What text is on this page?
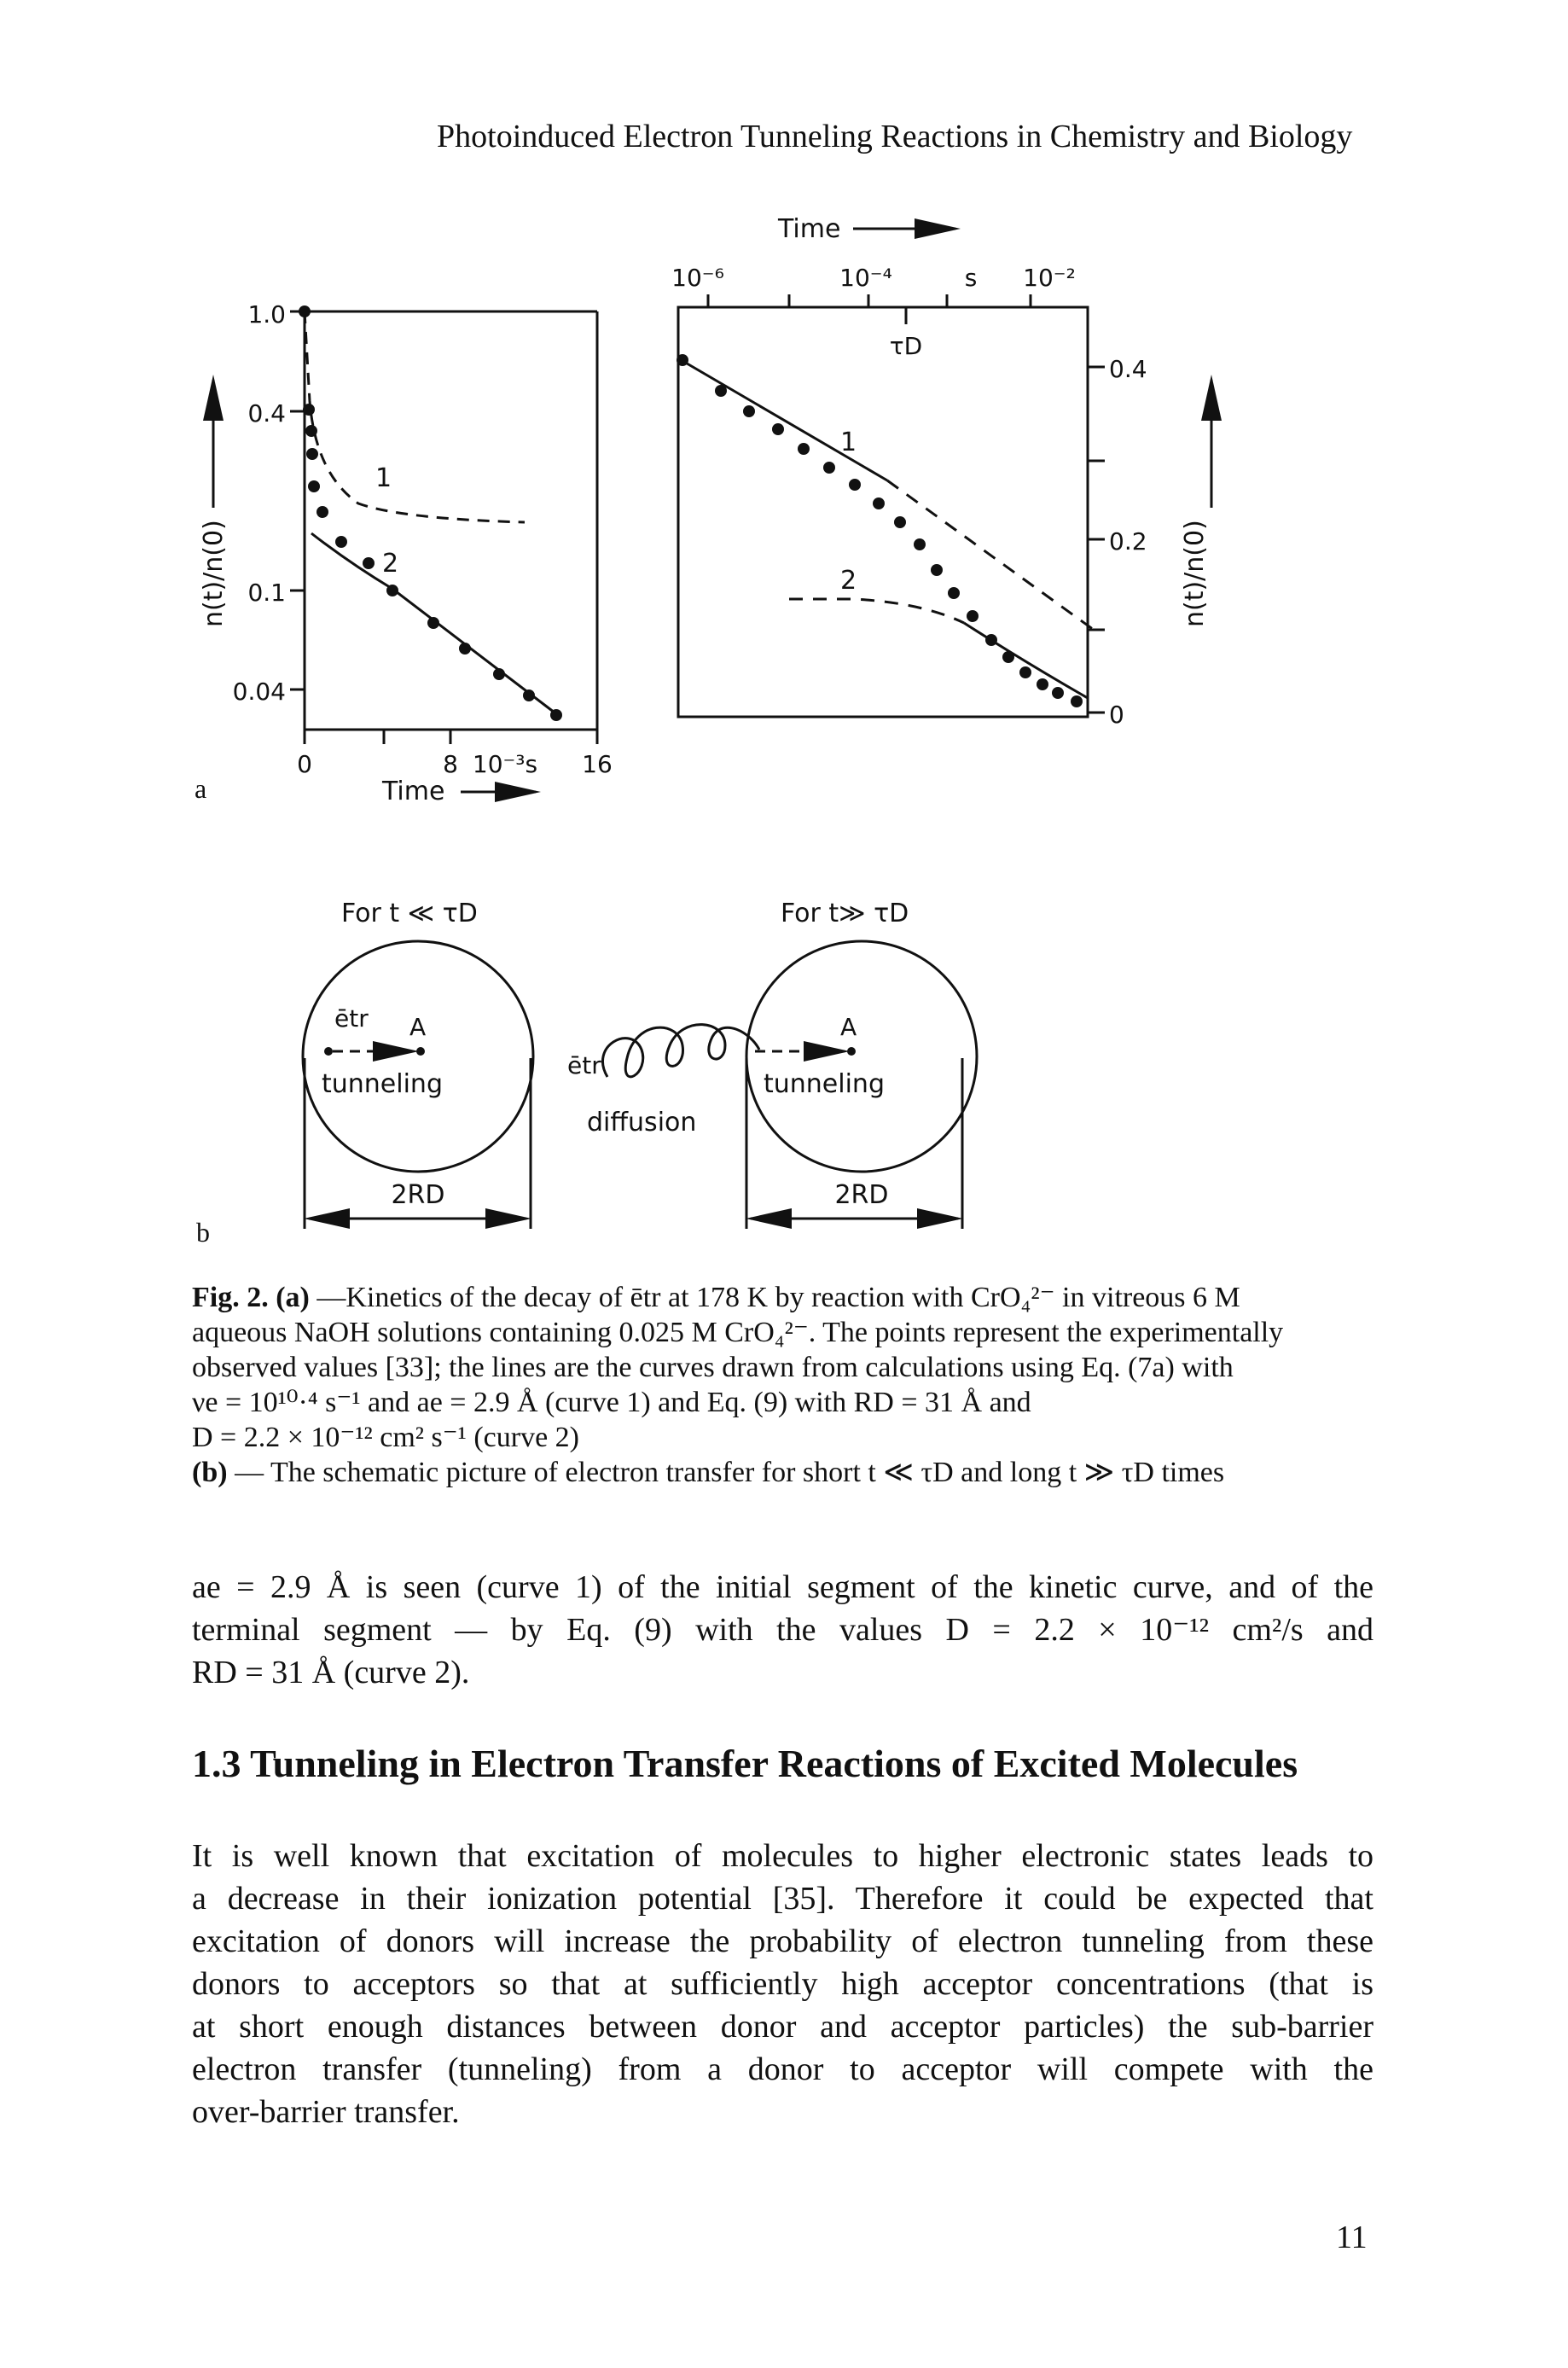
Photoinduced Electron Tunneling Reactions in Chemistry and Biology
1.0
0.4
0.1
0.04
0	8 10⁻³s 16
Time
n(t)/n(0)
1
2
a
Time
10⁻⁶	10⁻⁴	s 10⁻²
τD
0.4
0.2
0
n(t)/n(0)
1
2
For t ≪ τD	For t≫ τD
2RD
ētr A
tunneling
2RD
A
tunneling
ētr
diffusion
b
Fig. 2. (a) —Kinetics of the decay of ētr at 178 K by reaction with CrO₄²⁻ in vitreous 6 M
aqueous NaOH solutions containing 0.025 M CrO₄²⁻. The points represent the experimentally
observed values [33]; the lines are the curves drawn from calculations using Eq. (7a) with
νe = 10¹⁰·⁴ s⁻¹ and ae = 2.9 Å (curve 1) and Eq. (9) with RD = 31 Å and
D = 2.2 × 10⁻¹² cm² s⁻¹ (curve 2)
(b) — The schematic picture of electron transfer for short t ≪ τD and long t ≫ τD times
ae = 2.9 Å is seen (curve 1) of the initial segment of the kinetic curve, and of the
terminal segment — by Eq. (9) with the values D = 2.2 × 10⁻¹² cm²/s and
RD = 31 Å (curve 2).
1.3 Tunneling in Electron Transfer Reactions of Excited Molecules
It is well known that excitation of molecules to higher electronic states leads to
a decrease in their ionization potential [35]. Therefore it could be expected that
excitation of donors will increase the probability of electron tunneling from these
donors to acceptors so that at sufficiently high acceptor concentrations (that is
at short enough distances between donor and acceptor particles) the sub-barrier
electron transfer (tunneling) from a donor to acceptor will compete with the
over-barrier transfer.
11
